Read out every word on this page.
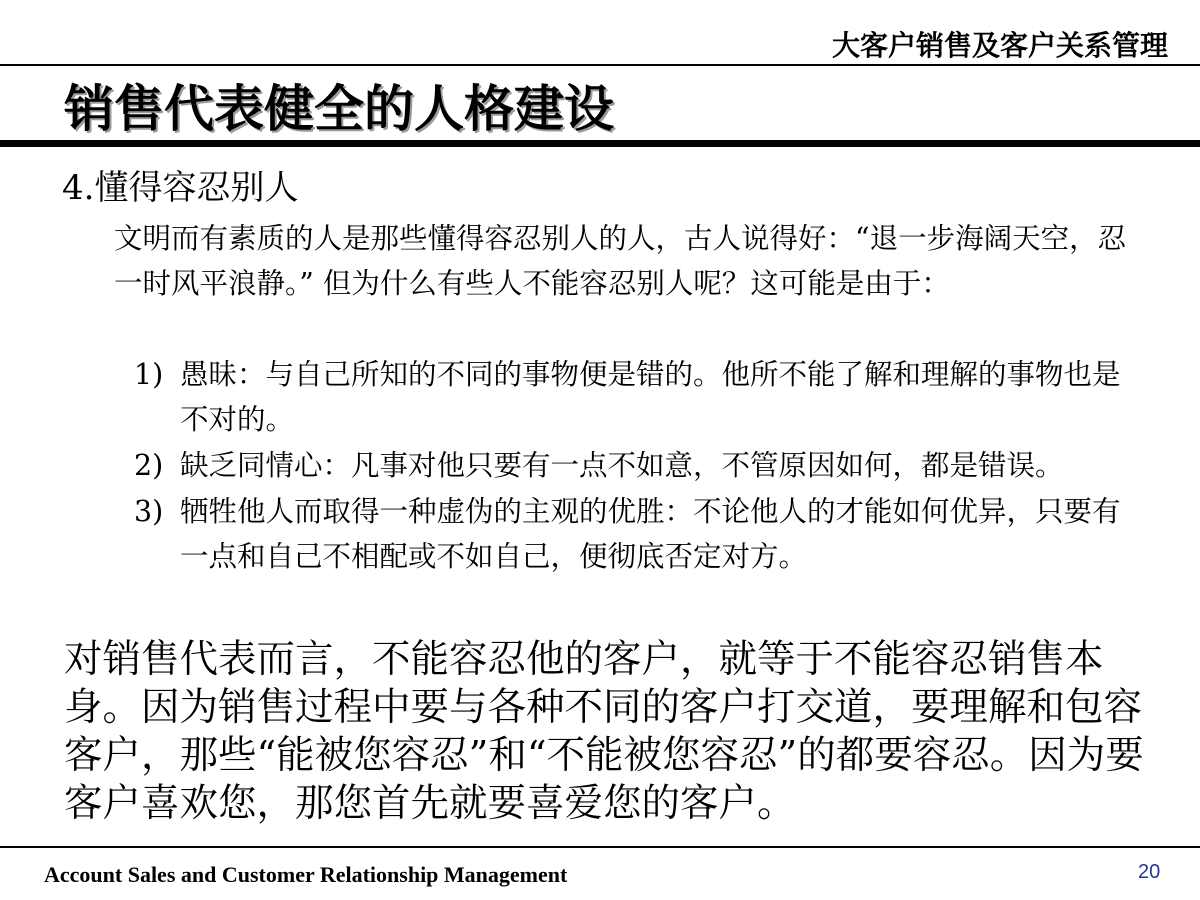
大客户销售及客户关系管理
销售代表健全的人格建设
4.懂得容忍别人
文明而有素质的人是那些懂得容忍别人的人，古人说得好：“退一步海阔天空，忍一时风平浪静。” 但为什么有些人不能容忍别人呢？这可能是由于：
1) 愚昧：与自己所知的不同的事物便是错的。他所不能了解和理解的事物也是不对的。
2) 缺乏同情心：凡事对他只要有一点不如意，不管原因如何，都是错误。
3) 牺牲他人而取得一种虚伪的主观的优胜：不论他人的才能如何优异，只要有一点和自己不相配或不如自己，便彻底否定对方。
对销售代表而言，不能容忍他的客户，就等于不能容忍销售本身。因为销售过程中要与各种不同的客户打交道，要理解和包容客户，那些“能被您容忍”和“不能被您容忍”的都要容忍。因为要客户喜欢您，那您首先就要喜爱您的客户。
Account Sales and Customer Relationship Management	20
